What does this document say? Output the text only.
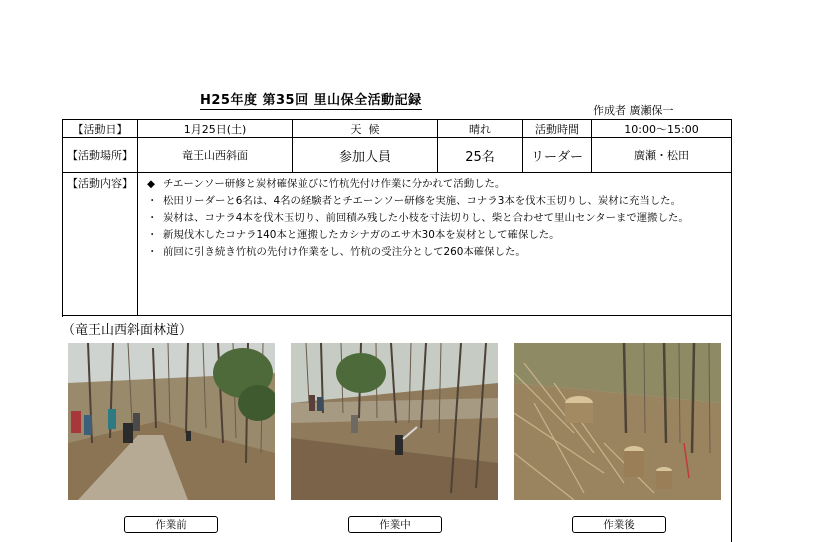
H25年度 第35回 里山保全活動記録
作成者 廣瀬保一
【活動日】	1月25日(土)	天  候	晴れ	活動時間	10:00～15:00
【活動場所】	竜王山西斜面	参加人員	25名	リーダー	廣瀬・松田
【活動内容】	◆ チエーンソー研修と炭材確保並びに竹杭先付け作業に分かれて活動した。
・ 松田リーダーと6名は、4名の経験者とチエーンソー研修を実施、コナラ3本を伐木玉切りし、炭材に充当した。
・ 炭材は、コナラ4本を伐木玉切り、前回積み残した小枝を寸法切りし、柴と合わせて里山センターまで運搬した。
・ 新規伐木したコナラ140本と運搬したカシナガのエサ木30本を炭材として確保した。
・ 前回に引き続き竹杭の先付け作業をし、竹杭の受注分として260本確保した。
（竜王山西斜面林道）
作業前	作業中	作業後
